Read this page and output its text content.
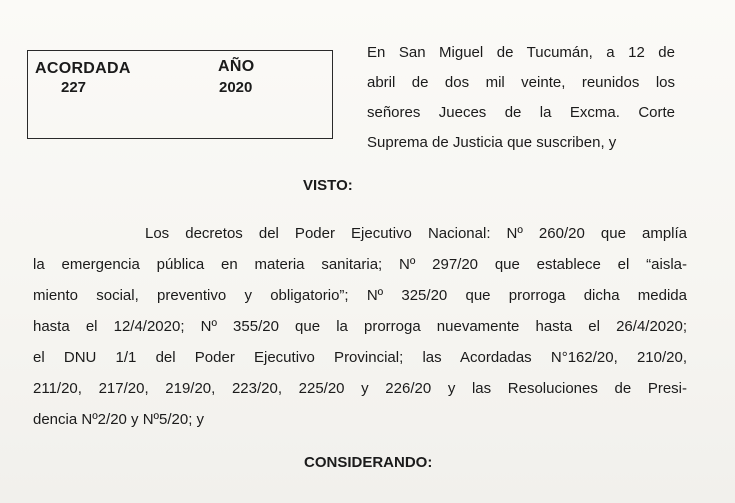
ACORDADA
227
AÑO
2020
En San Miguel de Tucumán, a 12 de
abril de dos mil veinte, reunidos los
señores Jueces de la Excma. Corte
Suprema de Justicia que suscriben, y
VISTO:
Los decretos del Poder Ejecutivo Nacional: Nº 260/20 que amplía
la emergencia pública en materia sanitaria; Nº 297/20 que establece el “aisla-
miento social, preventivo y obligatorio”; Nº 325/20 que prorroga dicha medida
hasta el 12/4/2020; Nº 355/20 que la prorroga nuevamente hasta el 26/4/2020;
el DNU 1/1 del Poder Ejecutivo Provincial; las Acordadas N°162/20, 210/20,
211/20, 217/20, 219/20, 223/20, 225/20 y 226/20 y las Resoluciones de Presi-
dencia Nº2/20 y Nº5/20; y
CONSIDERANDO:
